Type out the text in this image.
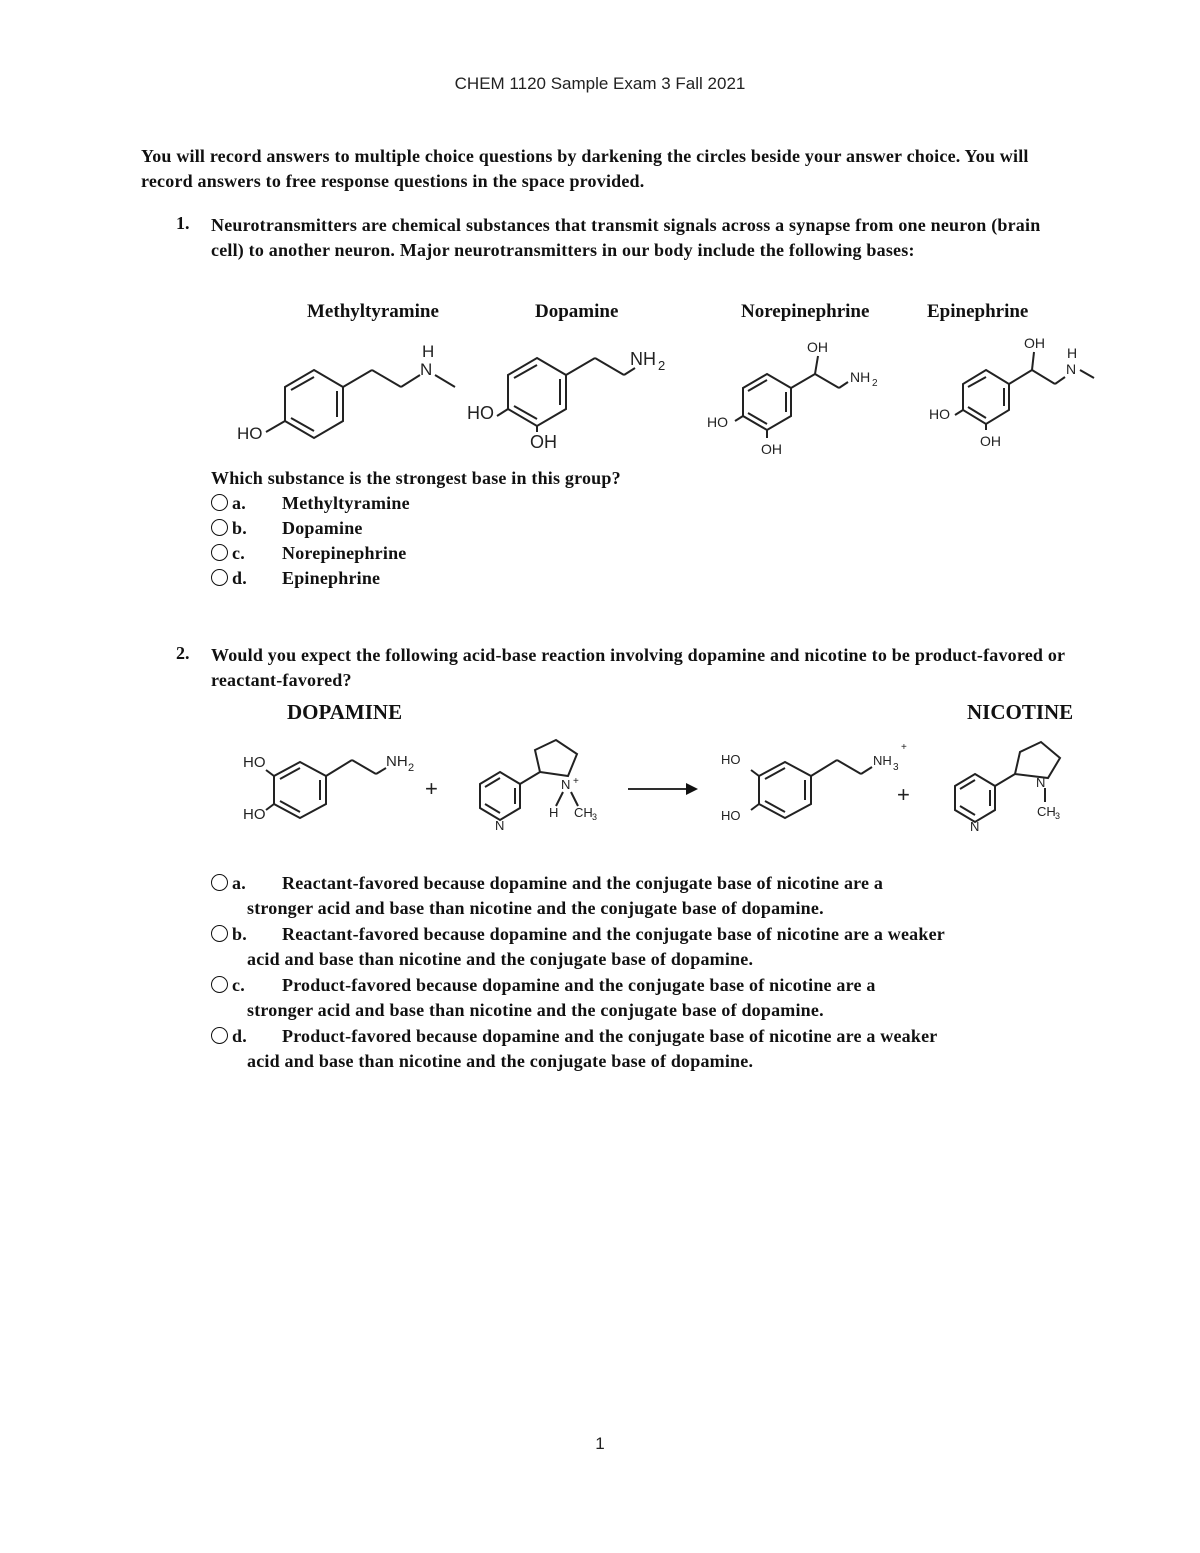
CHEM 1120 Sample Exam 3 Fall 2021
You will record answers to multiple choice questions by darkening the circles beside your answer choice. You will record answers to free response questions in the space provided.
1. Neurotransmitters are chemical substances that transmit signals across a synapse from one neuron (brain cell) to another neuron. Major neurotransmitters in our body include the following bases:
Methyltyramine	Dopamine	Norepinephrine	Epinephrine
HO
N
H	NH 2
HO
OH
OH
NH 2
HO
OH
OH
N
H
HO
OH
Which substance is the strongest base in this group?
a. Methyltyramine
b. Dopamine
c. Norepinephrine
d. Epinephrine
2. Would you expect the following acid-base reaction involving dopamine and nicotine to be product-favored or reactant-favored?
DOPAMINE	NICOTINE
NH 2
HO
HO
+	N +
N
H CH 3
NH 3
+
HO
HO
+	N
N
CH 3
a. Reactant-favored because dopamine and the conjugate base of nicotine are a
stronger acid and base than nicotine and the conjugate base of dopamine.
b. Reactant-favored because dopamine and the conjugate base of nicotine are a weaker
acid and base than nicotine and the conjugate base of dopamine.
c. Product-favored because dopamine and the conjugate base of nicotine are a
stronger acid and base than nicotine and the conjugate base of dopamine.
d. Product-favored because dopamine and the conjugate base of nicotine are a weaker
acid and base than nicotine and the conjugate base of dopamine.
1
